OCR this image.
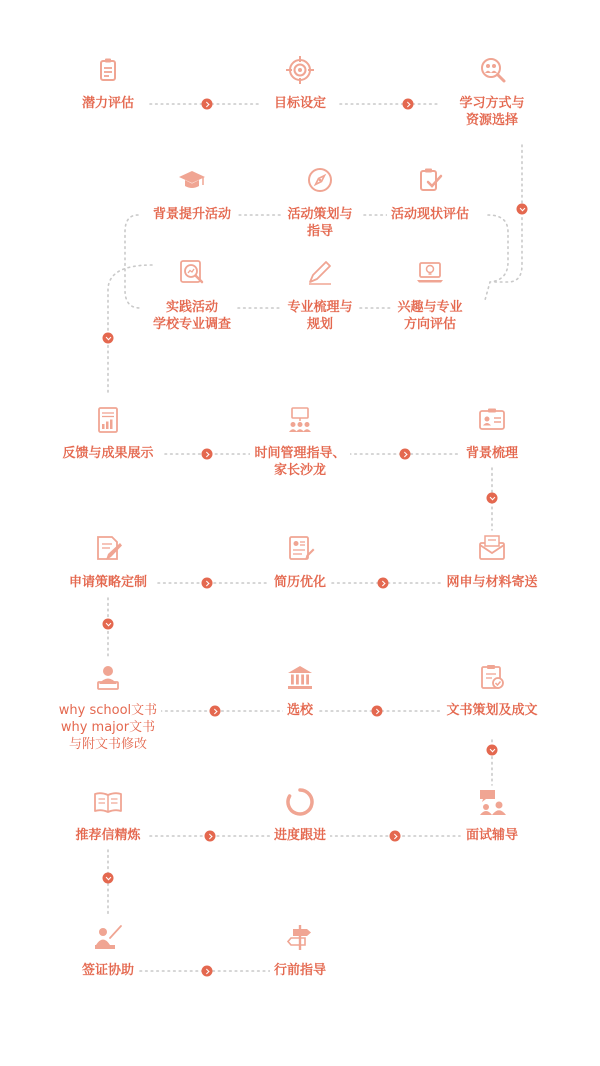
潜力评估	目标设定	学习方式与
资源选择
活动现状评估
活动策划与
指导
背景提升活动
实践活动
学校专业调查
专业梳理与
规划
兴趣与专业
方向评估
反馈与成果展示	时间管理指导、
家长沙龙
背景梳理
申请策略定制	简历优化	网申与材料寄送
why school文书
why major文书
与附文书修改
选校	文书策划及成文
推荐信精炼	进度跟进	面试辅导
签证协助	行前指导
